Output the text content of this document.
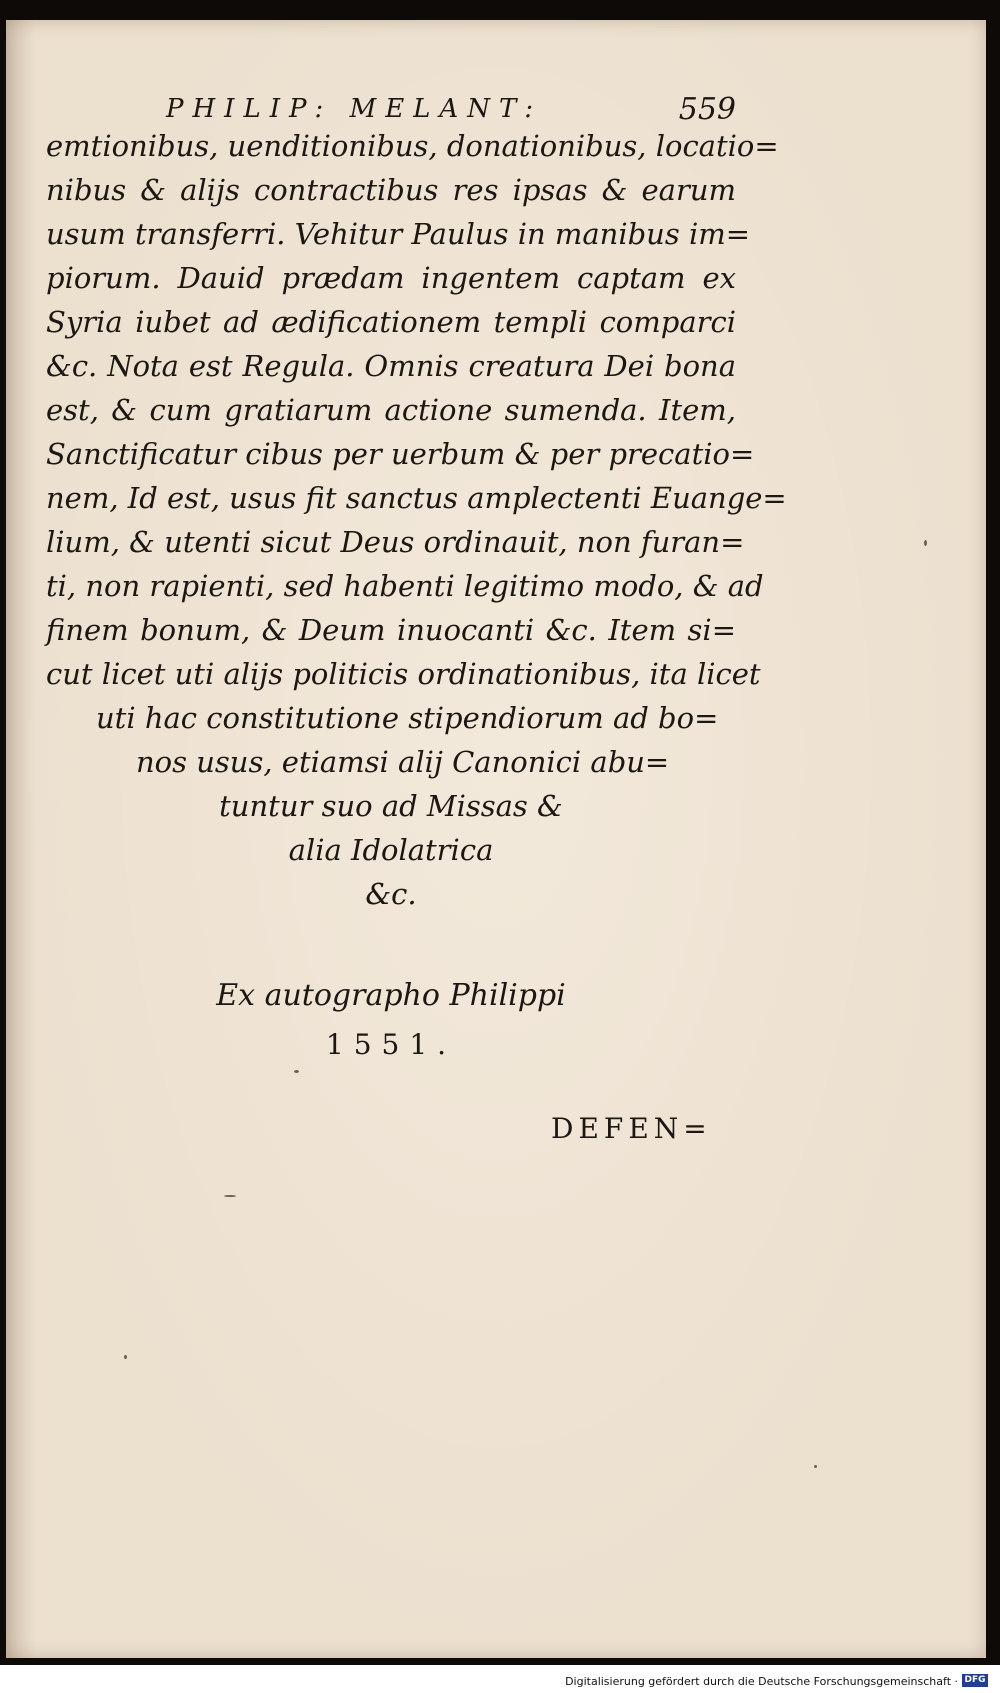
PHILIP: MELANT:	559
emtionibus, uenditionibus, donationibus, locatio=
nibus & alijs contractibus res ipsas & earum
usum transferri. Vehitur Paulus in manibus im=
piorum. Dauid prædam ingentem captam ex
Syria iubet ad ædificationem templi comparci
&c. Nota est Regula. Omnis creatura Dei bona
est, & cum gratiarum actione sumenda. Item,
Sanctificatur cibus per uerbum & per precatio=
nem, Id est, usus fit sanctus amplectenti Euange=
lium, & utenti sicut Deus ordinauit, non furan=
ti, non rapienti, sed habenti legitimo modo, & ad
finem bonum, & Deum inuocanti &c. Item si=
cut licet uti alijs politicis ordinationibus, ita licet
uti hac constitutione stipendiorum ad bo=
nos usus, etiamsi alij Canonici abu=
tuntur suo ad Missas &
alia Idolatrica
&c.
Ex autographo Philippi
1551.
DEFEN=
Digitalisierung gefördert durch die Deutsche Forschungsgemeinschaft · DFG
